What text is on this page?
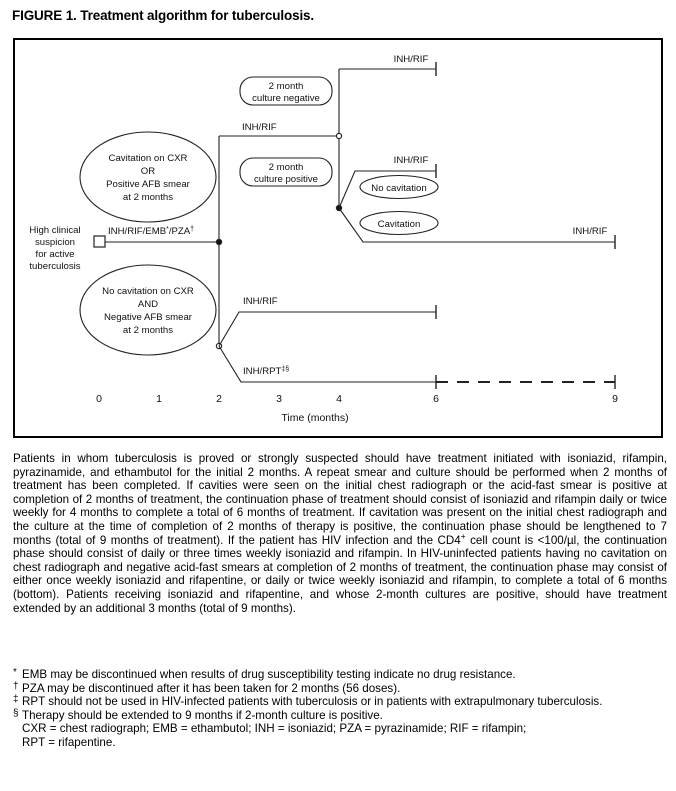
FIGURE 1. Treatment algorithm for tuberculosis.
High clinical
suspicion
for active
tuberculosis
INH/RIF/EMB*/PZA†
Cavitation on CXR
OR
Positive AFB smear
at 2 months
No cavitation on CXR
AND
Negative AFB smear
at 2 months
2 month
culture negative
2 month
culture positive
No cavitation
Cavitation
INH/RIF
INH/RIF
INH/RIF
INH/RIF
INH/RIF
INH/RPT‡§
0	1	2	3	4	6	9
Time (months)
Patients in whom tuberculosis is proved or strongly suspected should have treatment initiated with isoniazid, rifampin, pyrazinamide, and ethambutol for the initial 2 months. A repeat smear and culture should be performed when 2 months of treatment has been completed. If cavities were seen on the initial chest radiograph or the acid-fast smear is positive at completion of 2 months of treatment, the continuation phase of treatment should consist of isoniazid and rifampin daily or twice weekly for 4 months to complete a total of 6 months of treatment. If cavitation was present on the initial chest radiograph and the culture at the time of completion of 2 months of therapy is positive, the continuation phase should be lengthened to 7 months (total of 9 months of treatment). If the patient has HIV infection and the CD4+ cell count is <100/µl, the continuation phase should consist of daily or three times weekly isoniazid and rifampin. In HIV-uninfected patients having no cavitation on chest radiograph and negative acid-fast smears at completion of 2 months of treatment, the continuation phase may consist of either once weekly isoniazid and rifapentine, or daily or twice weekly isoniazid and rifampin, to complete a total of 6 months (bottom). Patients receiving isoniazid and rifapentine, and whose 2-month cultures are positive, should have treatment extended by an additional 3 months (total of 9 months).
* EMB may be discontinued when results of drug susceptibility testing indicate no drug resistance.
† PZA may be discontinued after it has been taken for 2 months (56 doses).
‡ RPT should not be used in HIV-infected patients with tuberculosis or in patients with extrapulmonary tuberculosis.
§ Therapy should be extended to 9 months if 2-month culture is positive.
CXR = chest radiograph; EMB = ethambutol; INH = isoniazid; PZA = pyrazinamide; RIF = rifampin;
RPT = rifapentine.
